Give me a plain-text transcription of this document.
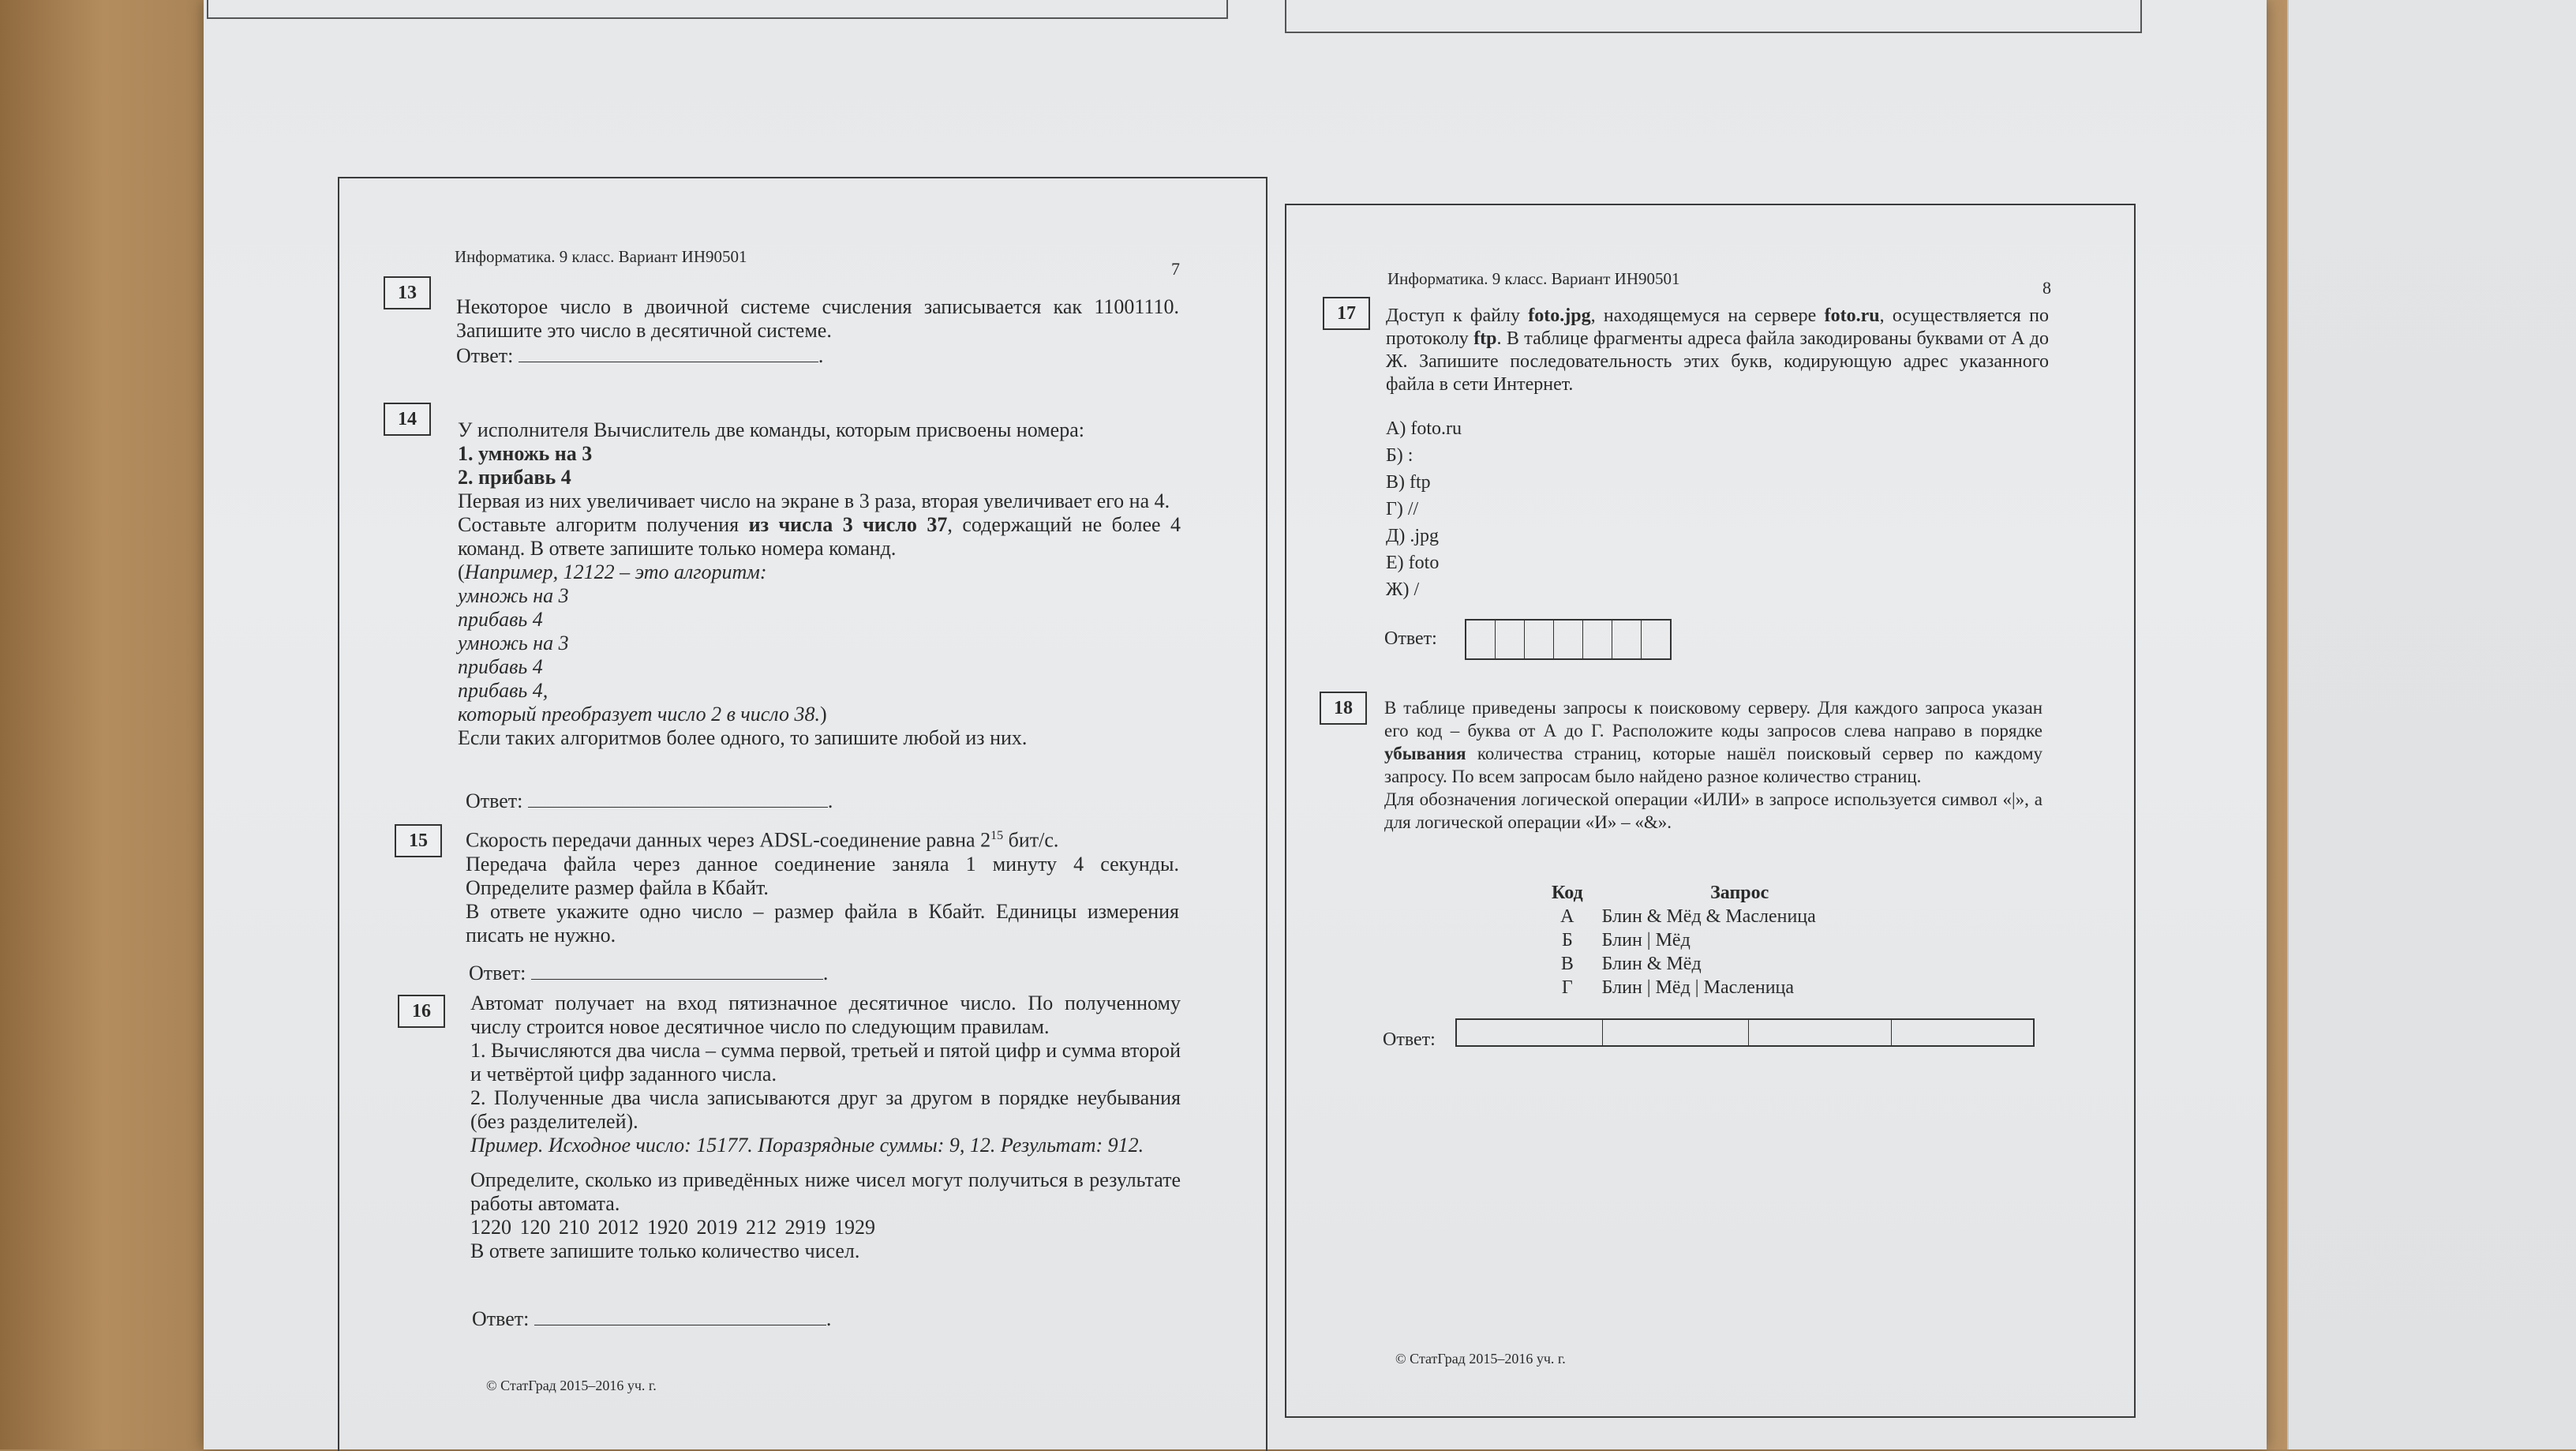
Информатика. 9 класс. Вариант ИН90501
7
13
Некоторое число в двоичной системе счисления записывается как 11001110. Запишите это число в десятичной системе.
Ответ:	.
14	У исполнителя Вычислитель две команды, которым присвоены номера:
1. умножь на 3
2. прибавь 4
Первая из них увеличивает число на экране в 3 раза, вторая увеличивает его на 4.
Составьте алгоритм получения из числа 3 число 37, содержащий не более 4 команд. В ответе запишите только номера команд.
(Например, 12122 – это алгоритм:
умножь на 3
прибавь 4
умножь на 3
прибавь 4
прибавь 4,
который преобразует число 2 в число 38.)
Если таких алгоритмов более одного, то запишите любой из них.
Ответ:	.
15	Скорость передачи данных через ADSL-соединение равна $2^{15}$ бит/с.
Передача файла через данное соединение заняла 1 минуту 4 секунды. Определите размер файла в Кбайт.
В ответе укажите одно число – размер файла в Кбайт. Единицы измерения писать не нужно.
Ответ:	.
16	Автомат получает на вход пятизначное десятичное число. По полученному числу строится новое десятичное число по следующим правилам.
1. Вычисляются два числа – сумма первой, третьей и пятой цифр и сумма второй и четвёртой цифр заданного числа.
2. Полученные два числа записываются друг за другом в порядке неубывания (без разделителей).
Пример. Исходное число: 15177. Поразрядные суммы: 9, 12. Результат: 912.
Определите, сколько из приведённых ниже чисел могут получиться в результате работы автомата.
1220 120 210 2012 1920 2019 212 2919 1929
В ответе запишите только количество чисел.
Ответ:	.
© СтатГрад 2015–2016 уч. г.
Информатика. 9 класс. Вариант ИН90501	8
17	Доступ к файлу foto.jpg, находящемуся на сервере foto.ru, осуществляется по протоколу ftp. В таблице фрагменты адреса файла закодированы буквами от А до Ж. Запишите последовательность этих букв, кодирующую адрес указанного файла в сети Интернет.
А) foto.ru
Б) :
В) ftp
Г) //
Д) .jpg
Е) foto
Ж) /
Ответ:
18	В таблице приведены запросы к поисковому серверу. Для каждого запроса указан его код – буква от А до Г. Расположите коды запросов слева направо в порядке убывания количества страниц, которые нашёл поисковый сервер по каждому запросу. По всем запросам было найдено разное количество страниц.
Для обозначения логической операции «ИЛИ» в запросе используется символ «|», а для логической операции «И» – «&».
Код	Запрос
А	Блин & Мёд & Масленица
Б	Блин | Мёд
В	Блин & Мёд
Г	Блин | Мёд | Масленица
Ответ:
© СтатГрад 2015–2016 уч. г.
